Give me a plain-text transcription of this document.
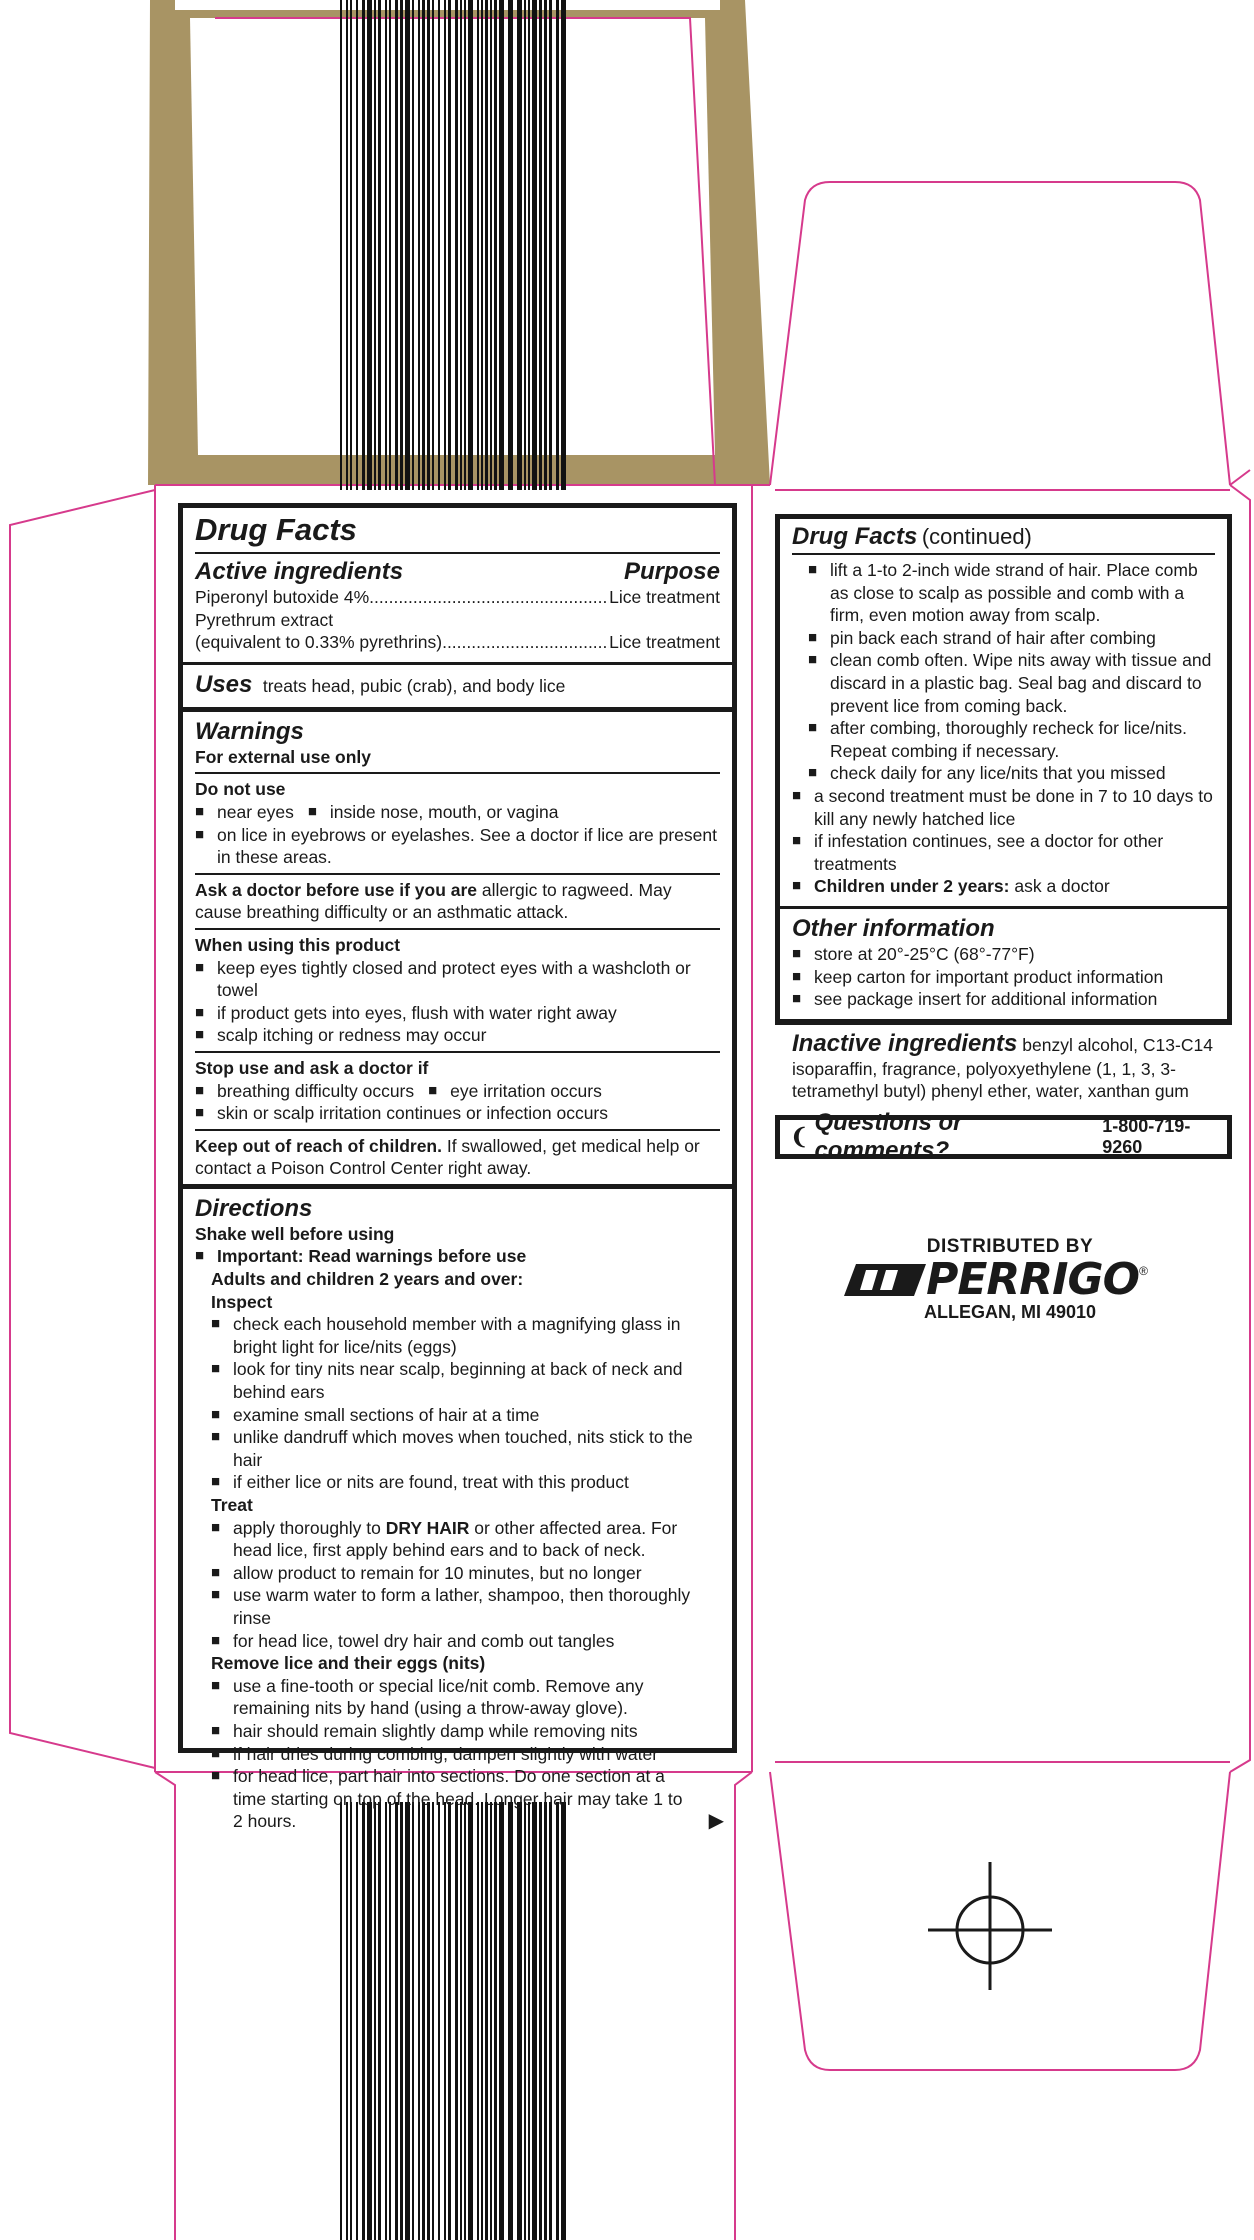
Drug Facts
Active ingredients	Purpose
Piperonyl butoxide 4% .....	Lice treatment
Pyrethrum extract
(equivalent to 0.33% pyrethrins) .....	Lice treatment
Uses treats head, pubic (crab), and body lice
Warnings
For external use only
Do not use
■ near eyes ■ inside nose, mouth, or vagina
■ on lice in eyebrows or eyelashes. See a doctor if lice are present in these areas.
Ask a doctor before use if you are allergic to ragweed. May cause breathing difficulty or an asthmatic attack.
When using this product
■ keep eyes tightly closed and protect eyes with a washcloth or towel
■ if product gets into eyes, flush with water right away
■ scalp itching or redness may occur
Stop use and ask a doctor if
■ breathing difficulty occurs ■ eye irritation occurs
■ skin or scalp irritation continues or infection occurs
Keep out of reach of children. If swallowed, get medical help or contact a Poison Control Center right away.
Directions
Shake well before using
■ Important: Read warnings before use
Adults and children 2 years and over:
Inspect
■ check each household member with a magnifying glass in bright light for lice/nits (eggs)
■ look for tiny nits near scalp, beginning at back of neck and behind ears
■ examine small sections of hair at a time
■ unlike dandruff which moves when touched, nits stick to the hair
■ if either lice or nits are found, treat with this product
Treat
■ apply thoroughly to DRY HAIR or other affected area. For head lice, first apply behind ears and to back of neck.
■ allow product to remain for 10 minutes, but no longer
■ use warm water to form a lather, shampoo, then thoroughly rinse
■ for head lice, towel dry hair and comb out tangles
Remove lice and their eggs (nits)
■ use a fine-tooth or special lice/nit comb. Remove any remaining nits by hand (using a throw-away glove).
■ hair should remain slightly damp while removing nits
■ if hair dries during combing, dampen slightly with water
■ for head lice, part hair into sections. Do one section at a time starting on top of the head. Longer hair may take 1 to 2 hours.	▶
Drug Facts (continued)
■ lift a 1-to 2-inch wide strand of hair. Place comb as close to scalp as possible and comb with a firm, even motion away from scalp.
■ pin back each strand of hair after combing
■ clean comb often. Wipe nits away with tissue and discard in a plastic bag. Seal bag and discard to prevent lice from coming back.
■ after combing, thoroughly recheck for lice/nits. Repeat combing if necessary.
■ check daily for any lice/nits that you missed
■ a second treatment must be done in 7 to 10 days to kill any newly hatched lice
■ if infestation continues, see a doctor for other treatments
■ Children under 2 years: ask a doctor
Other information
■ store at 20°-25°C (68°-77°F)
■ keep carton for important product information
■ see package insert for additional information
Inactive ingredients benzyl alcohol, C13-C14 isoparaffin, fragrance, polyoxyethylene (1, 1, 3, 3-tetramethyl butyl) phenyl ether, water, xanthan gum
❨
Questions or comments?
1-800-719-9260
DISTRIBUTED BY
PERRIGO ®
ALLEGAN, MI 49010
